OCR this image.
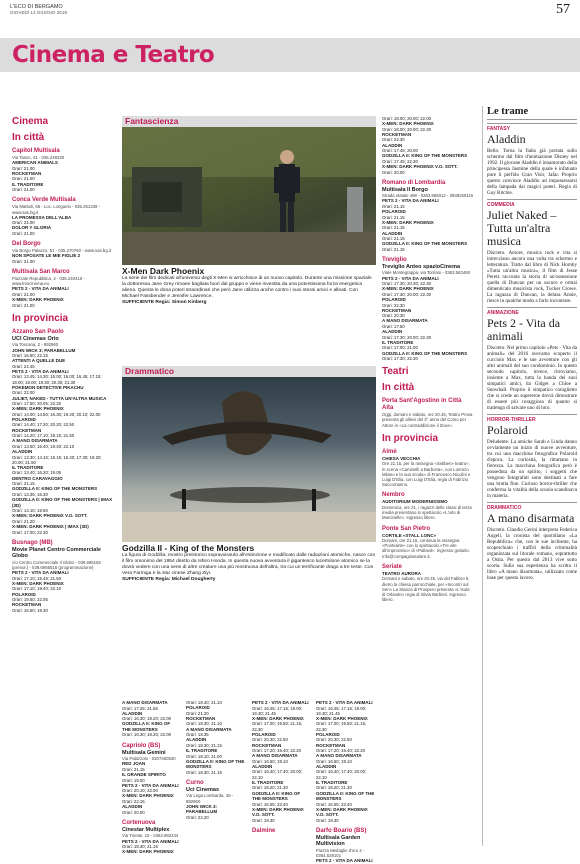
L'ECO DI BERGAMO
GIOVEDÌ 13 GIUGNO 2019	57
Cinema e Teatro
Cinema
In città
Capitol Multisala
Via Tasso, 41 - 035.248330
AMERICAN ANIMALS
Orari: 21.00
ROCKETMAN
Orari: 21.00
IL TRADITORE
Orari: 21.00
Conca Verde Multisala
Via Mattioli, 65 - Loc. Longuelo - 035.251339 - www.sas.bg.it
LA PROMESSA DELL'ALBA
Orari: 21.00
DOLOR Y GLORIA
Orari: 21.00
Del Borgo
Via Borgo Palazzo, 51 - 035.270760 - www.sas.bg.it
NON SPOSATE LE MIE FIGLIE 2
Orari: 21.00
Multisala San Marco
Piazzale Repubblica, 2 - 035.240416 - www.lrescinema.eu
PETS 2 - VITA DA ANIMALI
Orari: 21.00
X-MEN: DARK PHOENIX
Orari: 21.00
In provincia
Azzano San Paolo
UCI Cinemas Orio
Via Toscana, 2 - 892960
JOHN WICK 3: PARABELLUM
Orari: 16.50; 22.15
ATTENTI A QUELLE DUE
Orari: 22.45
PETS 2 - VITA DA ANIMALI
Orari: 13.45; 14.30; 15.00; 16.00; 16.45; 17.15; 18.00; 19.00; 19.30; 20.30; 21.30
POKEMON DETECTIVE PIKACHU
Orari: 22.00
JULIET, NAKED - TUTTA UN'ALTRA MUSICA
Orari: 17.50; 20.05; 22.25
X-MEN: DARK PHOENIX
Orari: 14.00; 14.50; 16.30; 19.20; 20.10; 22.00
POLAROID
Orari: 14.40; 17.20; 20.20; 22.50
ROCKETMAN
Orari: 14.20; 17.10; 19.15; 21.50
A MANO DISARMATA
Orari: 13.50; 16.40; 19.40; 22.10
ALADDIN
Orari: 13.30; 14.15; 15.15; 16.20; 17.30; 19.20; 20.00; 21.50
IL TRADITORE
Orari: 13.40; 16.20; 19.05
DENTRO CARAVAGGIO
Orari: 21.15
GODZILLA II: KING OF THE MONSTERS
Orari: 13.35; 16.30
GODZILLA II: KING OF THE MONSTERS | IMAX (3D)
Orari: 14.10; 19.50
X-MEN: DARK PHOENIX V.O. SOTT.
Orari: 21.20
X-MEN: DARK PHOENIX | IMAX (3D)
Orari: 17.00; 22.30
Busnago (MB)
Movie Planet Centro Commerciale Globo
c/o Centro Commerciale Il Globo - 039.695182 (prenot.) - 039.6956516 (programmazione)
PETS 2 - VITA DA ANIMALI
Orari: 17.10; 19.45; 21.50
X-MEN: DARK PHOENIX
Orari: 17.10; 19.40; 22.10
POLAROID
Orari: 19.50; 22.05
ROCKETMAN
Orari: 16.50; 19.30
Fantascienza
X-Men Dark Phoenix
La serie dei film dedicati all'universo degli X-Men si arricchisce di un nuovo capitolo. Durante una missione spaziale la dottoressa Jane Grey rimane bagliata fuori dal gruppo e viene investita da una potentissima forza energetica aliena. Questa le dona poteri straordinari che però Jane utilizza anche contro i suoi stessi amici e alleati. Con Michael Fassbender e Jennifer Lawrence.
SUFFICIENTE Regia: Simon Kinberg
Drammatico
Godzilla II - King of the Monsters
La figura di Godzilla, mostro preistorico sopravvissuto all'estinzione e modificato dalle radiazioni atomiche, nasce con il film omonimo del 1954 diretto da Ishiro Honda. In questa nuova avventura il gigantesco lucertolone atomico se la dovrà vedere con una serie di altre creature una più mostruosa dell'altra, tra cui un terrificante drago a tre teste. Con Vera Farmiga e la star cinese Zhang Ziyi.
SUFFICIENTE Regia: Michael Dougherty
A MANO DISARMATA
Orari: 17.25; 21.55
ALADDIN
Orari: 16.30; 19.20; 22.00
GODZILLA II: KING OF THE MONSTERS
Orari: 16.30; 19.20; 22.00
Capriolo (BS)
Multisala Gemini
Via Palazzolo - 0307460530
RED JOAN
Orari: 21.15
IL GRANDE SPIRITO
Orari: 19.00
PETS 2 - VITA DA ANIMALI
Orari: 20.10; 22.00
X-MEN: DARK PHOENIX
Orari: 22.15
ALADDIN
Orari: 20.00
Cortenuova
Cinestar Multiplex
Via Trieste, 15 - 0363.992244
PETS 2 - VITA DA ANIMALI
Orari: 18.30; 21.15
X-MEN: DARK PHOENIX
Orari: 18.40; 21.10
POLAROID
Orari: 21.20
ROCKETMAN
Orari: 18.30; 21.10
A MANO DISARMATA
Orari: 18.35
ALADDIN
Orari: 18.30; 21.15
IL TRADITORE
Orari: 18.10; 21.00
GODZILLA II: KING OF THE MONSTERS
Orari: 18.30; 21.15
Curno
Uci Cinemas
Via Lega Lombarda, 39 - 892960
JOHN WICK 3: PARABELLUM
Orari: 22.20
PETS 2 - VITA DA ANIMALI
Orari: 16.45; 17.15; 19.00; 19.30; 21.45
X-MEN: DARK PHOENIX
Orari: 17.00; 19.50; 21.15; 22.30
POLAROID
Orari: 20.30; 22.50
ROCKETMAN
Orari: 17.20; 19.40; 22.20
A MANO DISARMATA
Orari: 16.50; 19.10
ALADDIN
Orari: 16.40; 17.40; 20.00; 22.10
IL TRADITORE
Orari: 18.20; 21.30
GODZILLA II: KING OF THE MONSTERS
Orari: 16.55; 22.40
X-MEN: DARK PHOENIX V.O. SOTT.
Orari: 19.30
Dalmine
PETS 2 - VITA DA ANIMALI
Orari: 16.45; 17.15; 19.00; 19.30; 21.45
X-MEN: DARK PHOENIX
Orari: 17.00; 19.50; 21.15; 22.30
POLAROID
Orari: 20.30; 22.50
ROCKETMAN
Orari: 17.20; 19.40; 22.20
A MANO DISARMATA
Orari: 16.50; 19.10
ALADDIN
Orari: 16.40; 17.40; 20.00; 22.10
IL TRADITORE
Orari: 18.20; 21.30
GODZILLA II: KING OF THE MONSTERS
Orari: 16.55; 22.40
X-MEN: DARK PHOENIX V.O. SOTT.
Orari: 19.30
Darfo Boario (BS)
Multisala Garden Multivision
Piazza Medaglie d'oro 2 - 0364.529101
PETS 2 - VITA DA ANIMALI
Orari: 18.00; 20.00; 22.00
X-MEN: DARK PHOENIX
Orari: 18.00; 20.00; 22.30
ROCKETMAN
Orari: 22.30
ALADDIN
Orari: 17.45; 20.00
GODZILLA II: KING OF THE MONSTERS
Orari: 17.45; 22.30
X-MEN: DARK PHOENIX V.O. SOTT.
Orari: 20.00
Romano di Lombardia
Multisala Il Borgo
Strada statale 498 - 0363.686012 - 3938258116
PETS 2 - VITA DA ANIMALI
Orari: 21.15
POLAROID
Orari: 21.15
X-MEN: DARK PHOENIX
Orari: 21.15
ALADDIN
Orari: 21.15
GODZILLA II: KING OF THE MONSTERS
Orari: 21.15
Treviglio
Treviglio Anteo spazioCinema
Viale Montegrappa, via Torriani - 0363.563460
PETS 2 - VITA DA ANIMALI
Orari: 17.30; 20.30; 22.30
X-MEN: DARK PHOENIX
Orari: 17.30; 20.00; 22.30
POLAROID
Orari: 22.30
ROCKETMAN
Orari: 20.30
A MANO DISARMATA
Orari: 17.50
ALADDIN
Orari: 17.30; 20.00; 22.30
IL TRADITORE
Orari: 17.00; 21.00
GODZILLA II: KING OF THE MONSTERS
Orari: 17.30; 22.30
Teatri
In città
Porta Sant'Agostino in Città Alta
Oggi, domani e sabato, ore 20.45, Teatro Prova presenta gli allievi del 3° anno del Corso per Attore in «La contraddizione il Zeus».
In provincia
Almè
CHIESA VECCHIA
Ore 21.15, per la rassegna «Sebben» teatro», in scena «Caminelli a Barbona», con Lorenzo Milano e la sua scoda» di Francesco Nicolini e Luigi D'Elia, con Luigi D'Elia, regia di Fabrizio Saccomanno.
Nembro
AUDITORIUM MODERNISSIMO
Domenica, ore 21, i ragazzi delle classi di terza media presentano lo spettacolo «L'urlo di Marcinelle». Ingresso libero.
Ponte San Pietro
CORTILE «STALL LONC»
Domani, ore 21.15, continua la rassegna «Pontearte» con lo spettacolo «Tre vite all'improvviso» di «Pallavit». Ingresso gratuito. Info@compagniasolare.it.
Seriate
TEATRO AURORA
Domani e sabato, ore 20.45, via del Fabbro 5, dietro la chiesa parrocchiale, per «Incontri sul Sen» La Stanza di Prospero presenta «L'Isola di Orlando» regia di Silvia Barbieri. Ingresso libero.
Le trame
FANTASY
Aladdin
Bello. Torna la fiaba già portata sullo schermo dal film d'animazione Disney nel 1992. Il giovane Aladdin è innamorato della principessa Jasmine della quale è infatuato pure il perfido Gran Visir, Jafar. Proprio questo convince Aladdin ad impossessarsi della lampada dai magici poteri. Regia di Guy Ritchie.
COMMEDIA
Juliet Naked – Tutta un'altra musica
Discreto. Amore, musica rock e vita si intrecciano ancora una volta tra schermo e letteratura. Tratto dal libro di Nick Hornby «Tutta un'altra musica», il film di Jesse Peretz racconta la storia di un'ossessione quella di Duncan per un oscuro e ormai dimenticato musicista rock, Tucker Crowe. La ragazza di Duncan, la delusa Annie, riesce in qualche modo a farlo incontrare.
ANIMAZIONE
Pets 2 - Vita da animali
Discreto. Nel primo capitolo «Pets - Vita da animali» del 2016 avevamo scoperto il cucciolo Max e le sue avventure con gli altri animali del suo condominio. In questo secondo capitolo, invece, ritroviamo, insieme a Max, tutta la banda dei suoi simpatici amici, da Gidget a Chloe a Snowball. Proprio il simpatico coniglietto che si crede un supereroe dovrà dimostrare di essere più coraggioso di quanto si trattenga di salvare uno di loro.
HORROR-THRILLER
Polaroid
Deludente. La amiche Sarah e Linda danno ovviamente un inizio di nuove avventure, tra cui una macchina fotografica Polaroid d'epoca. La curiosità, la ritrattano in fierezza. La macchina fotografica però è posseduta da un spirito, i soggetti che vengono fotografati sono destinati a fare una brutta fine. Curioso horror-thriller che conferma la vitalità della scuola scandinava in materia.
DRAMMATICO
A mano disarmata
Discreto. Claudio Gerini interpreta Federica Angeli, la cronista del quotidiano «La Repubblica» che, con le sue inchieste, ha scoperchiato i traffici della criminalità organizzata sul litorale romano, soprattutto a Ostia. Per questo dal 2013 vive sotto scorta. Sulla sua esperienza ha scritto il libro «A mano disarmata», utilizzato come base per questo lavoro.
